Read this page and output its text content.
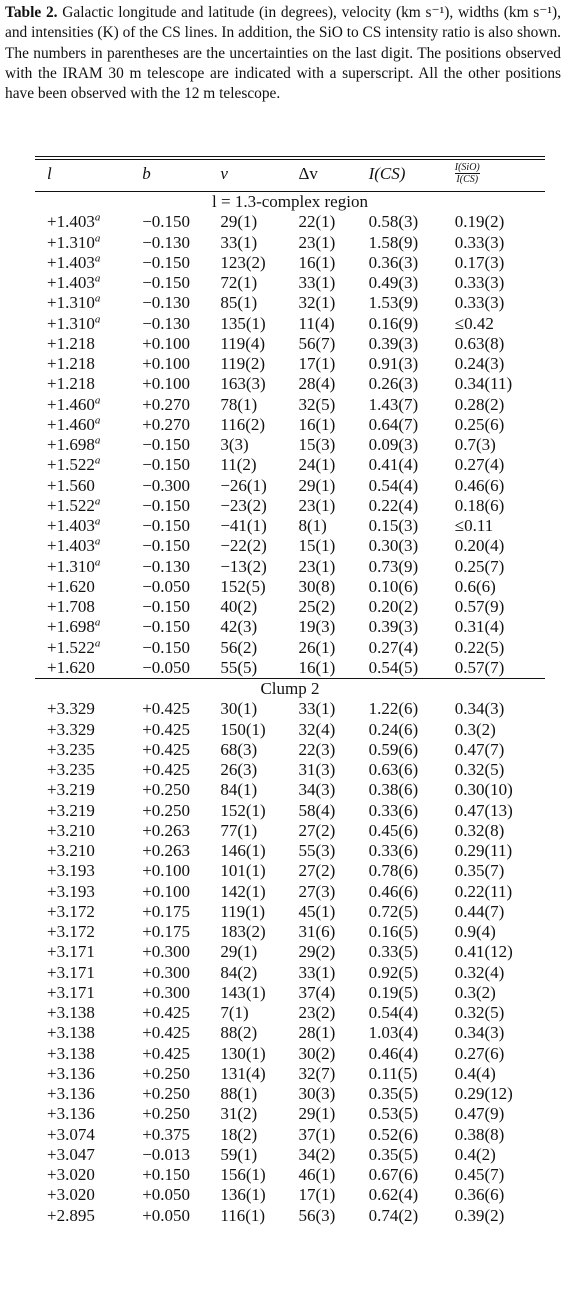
Table 2. Galactic longitude and latitude (in degrees), velocity (km s⁻¹), widths (km s⁻¹), and intensities (K) of the CS lines. In addition, the SiO to CS intensity ratio is also shown. The numbers in parentheses are the uncertainties on the last digit. The positions observed with the IRAM 30 m telescope are indicated with a superscript. All the other positions have been observed with the 12 m telescope.
l	b	v	Δv	I(CS)	$\frac{\text{I(SiO)}}{I(CS)}$
l = 1.3-complex region					
+1.403$^a$	−0.150	29(1)	22(1)	0.58(3)	0.19(2)
+1.310$^a$	−0.130	33(1)	23(1)	1.58(9)	0.33(3)
+1.403$^a$	−0.150	123(2)	16(1)	0.36(3)	0.17(3)
+1.403$^a$	−0.150	72(1)	33(1)	0.49(3)	0.33(3)
+1.310$^a$	−0.130	85(1)	32(1)	1.53(9)	0.33(3)
+1.310$^a$	−0.130	135(1)	11(4)	0.16(9)	≤0.42
+1.218	+0.100	119(4)	56(7)	0.39(3)	0.63(8)
+1.218	+0.100	119(2)	17(1)	0.91(3)	0.24(3)
+1.218	+0.100	163(3)	28(4)	0.26(3)	0.34(11)
+1.460$^a$	+0.270	78(1)	32(5)	1.43(7)	0.28(2)
+1.460$^a$	+0.270	116(2)	16(1)	0.64(7)	0.25(6)
+1.698$^a$	−0.150	3(3)	15(3)	0.09(3)	0.7(3)
+1.522$^a$	−0.150	11(2)	24(1)	0.41(4)	0.27(4)
+1.560	−0.300	−26(1)	29(1)	0.54(4)	0.46(6)
+1.522$^a$	−0.150	−23(2)	23(1)	0.22(4)	0.18(6)
+1.403$^a$	−0.150	−41(1)	8(1)	0.15(3)	≤0.11
+1.403$^a$	−0.150	−22(2)	15(1)	0.30(3)	0.20(4)
+1.310$^a$	−0.130	−13(2)	23(1)	0.73(9)	0.25(7)
+1.620	−0.050	152(5)	30(8)	0.10(6)	0.6(6)
+1.708	−0.150	40(2)	25(2)	0.20(2)	0.57(9)
+1.698$^a$	−0.150	42(3)	19(3)	0.39(3)	0.31(4)
+1.522$^a$	−0.150	56(2)	26(1)	0.27(4)	0.22(5)
+1.620	−0.050	55(5)	16(1)	0.54(5)	0.57(7)
Clump 2					
+3.329	+0.425	30(1)	33(1)	1.22(6)	0.34(3)
+3.329	+0.425	150(1)	32(4)	0.24(6)	0.3(2)
+3.235	+0.425	68(3)	22(3)	0.59(6)	0.47(7)
+3.235	+0.425	26(3)	31(3)	0.63(6)	0.32(5)
+3.219	+0.250	84(1)	34(3)	0.38(6)	0.30(10)
+3.219	+0.250	152(1)	58(4)	0.33(6)	0.47(13)
+3.210	+0.263	77(1)	27(2)	0.45(6)	0.32(8)
+3.210	+0.263	146(1)	55(3)	0.33(6)	0.29(11)
+3.193	+0.100	101(1)	27(2)	0.78(6)	0.35(7)
+3.193	+0.100	142(1)	27(3)	0.46(6)	0.22(11)
+3.172	+0.175	119(1)	45(1)	0.72(5)	0.44(7)
+3.172	+0.175	183(2)	31(6)	0.16(5)	0.9(4)
+3.171	+0.300	29(1)	29(2)	0.33(5)	0.41(12)
+3.171	+0.300	84(2)	33(1)	0.92(5)	0.32(4)
+3.171	+0.300	143(1)	37(4)	0.19(5)	0.3(2)
+3.138	+0.425	7(1)	23(2)	0.54(4)	0.32(5)
+3.138	+0.425	88(2)	28(1)	1.03(4)	0.34(3)
+3.138	+0.425	130(1)	30(2)	0.46(4)	0.27(6)
+3.136	+0.250	131(4)	32(7)	0.11(5)	0.4(4)
+3.136	+0.250	88(1)	30(3)	0.35(5)	0.29(12)
+3.136	+0.250	31(2)	29(1)	0.53(5)	0.47(9)
+3.074	+0.375	18(2)	37(1)	0.52(6)	0.38(8)
+3.047	−0.013	59(1)	34(2)	0.35(5)	0.4(2)
+3.020	+0.150	156(1)	46(1)	0.67(6)	0.45(7)
+3.020	+0.050	136(1)	17(1)	0.62(4)	0.36(6)
+2.895	+0.050	116(1)	56(3)	0.74(2)	0.39(2)
